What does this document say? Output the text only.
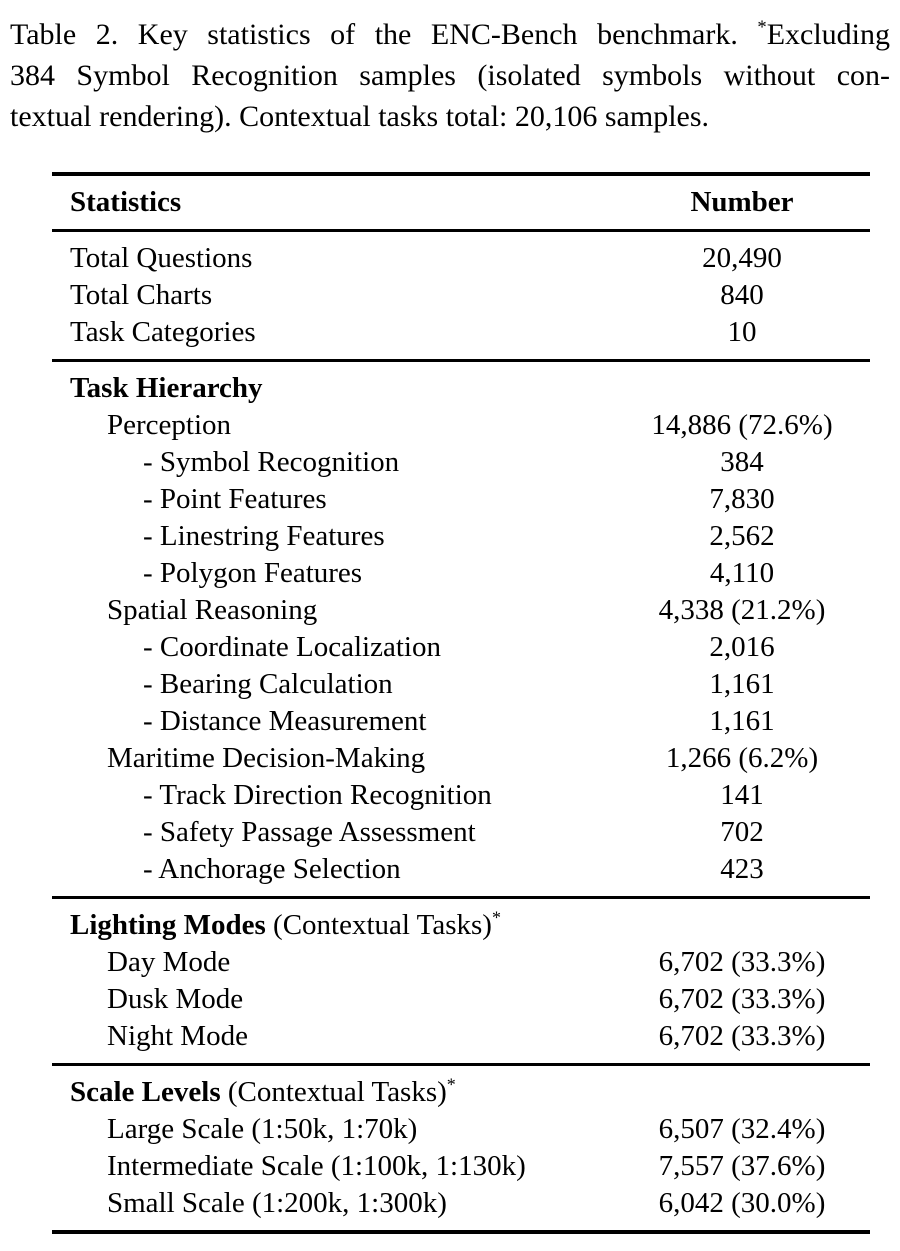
Table 2. Key statistics of the ENC-Bench benchmark. *Excluding
384 Symbol Recognition samples (isolated symbols without con-
textual rendering). Contextual tasks total: 20,106 samples.
Statistics	Number
Total Questions	20,490
Total Charts	840
Task Categories	10
Task Hierarchy
Perception	14,886 (72.6%)
- Symbol Recognition	384
- Point Features	7,830
- Linestring Features	2,562
- Polygon Features	4,110
Spatial Reasoning	4,338 (21.2%)
- Coordinate Localization	2,016
- Bearing Calculation	1,161
- Distance Measurement	1,161
Maritime Decision-Making	1,266 (6.2%)
- Track Direction Recognition	141
- Safety Passage Assessment	702
- Anchorage Selection	423
Lighting Modes (Contextual Tasks)*
Day Mode	6,702 (33.3%)
Dusk Mode	6,702 (33.3%)
Night Mode	6,702 (33.3%)
Scale Levels (Contextual Tasks)*
Large Scale (1:50k, 1:70k)	6,507 (32.4%)
Intermediate Scale (1:100k, 1:130k)	7,557 (37.6%)
Small Scale (1:200k, 1:300k)	6,042 (30.0%)
